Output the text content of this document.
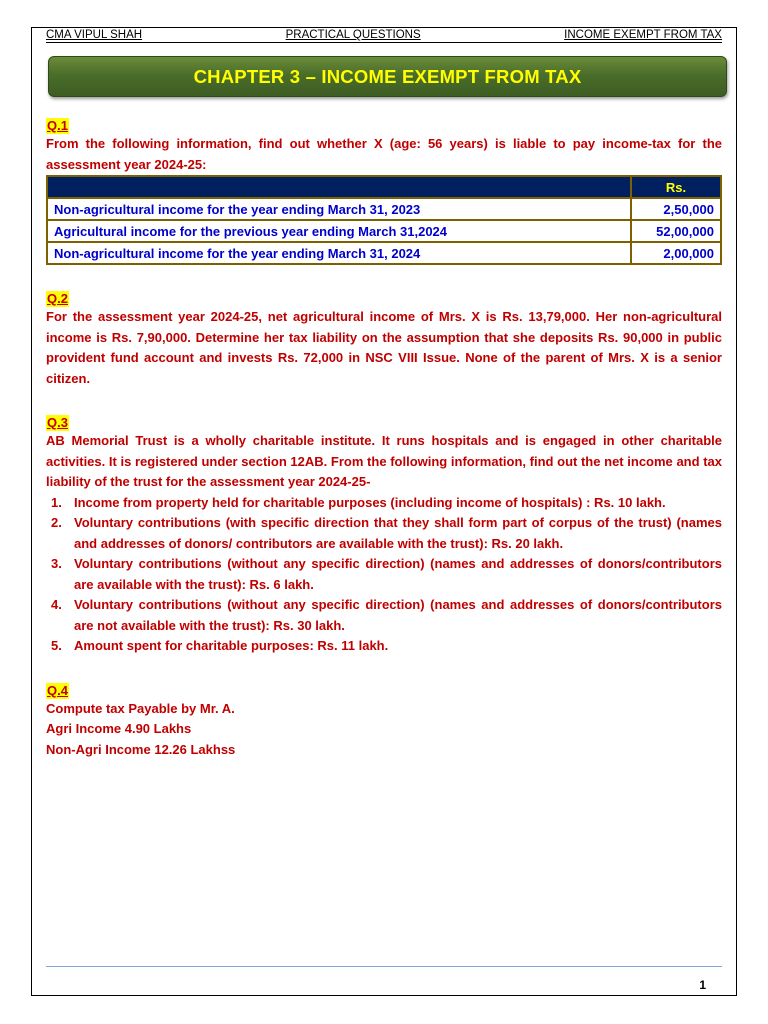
CMA VIPUL SHAH	PRACTICAL QUESTIONS	INCOME EXEMPT FROM TAX
CHAPTER 3 – INCOME EXEMPT FROM TAX
Q.1
From the following information, find out whether X (age: 56 years) is liable to pay income-tax for the assessment year 2024-25:
	Rs.
Non-agricultural income for the year ending March 31, 2023	2,50,000
Agricultural income for the previous year ending March 31,2024	52,00,000
Non-agricultural income for the year ending March 31, 2024	2,00,000
Q.2
For the assessment year 2024-25, net agricultural income of Mrs. X is Rs. 13,79,000. Her non-agricultural income is Rs. 7,90,000. Determine her tax liability on the assumption that she deposits Rs. 90,000 in public provident fund account and invests Rs. 72,000 in NSC VIII Issue. None of the parent of Mrs. X is a senior citizen.
Q.3
AB Memorial Trust is a wholly charitable institute. It runs hospitals and is engaged in other charitable activities. It is registered under section 12AB. From the following information, find out the net income and tax liability of the trust for the assessment year 2024-25-
1. Income from property held for charitable purposes (including income of hospitals) : Rs. 10 lakh.
2. Voluntary contributions (with specific direction that they shall form part of corpus of the trust) (names and addresses of donors/ contributors are available with the trust): Rs. 20 lakh.
3. Voluntary contributions (without any specific direction) (names and addresses of donors/contributors are available with the trust): Rs. 6 lakh.
4. Voluntary contributions (without any specific direction) (names and addresses of donors/contributors are not available with the trust): Rs. 30 lakh.
5. Amount spent for charitable purposes: Rs. 11 lakh.
Q.4
Compute tax Payable by Mr. A.
Agri Income 4.90 Lakhs
Non-Agri Income 12.26 Lakhss
1
